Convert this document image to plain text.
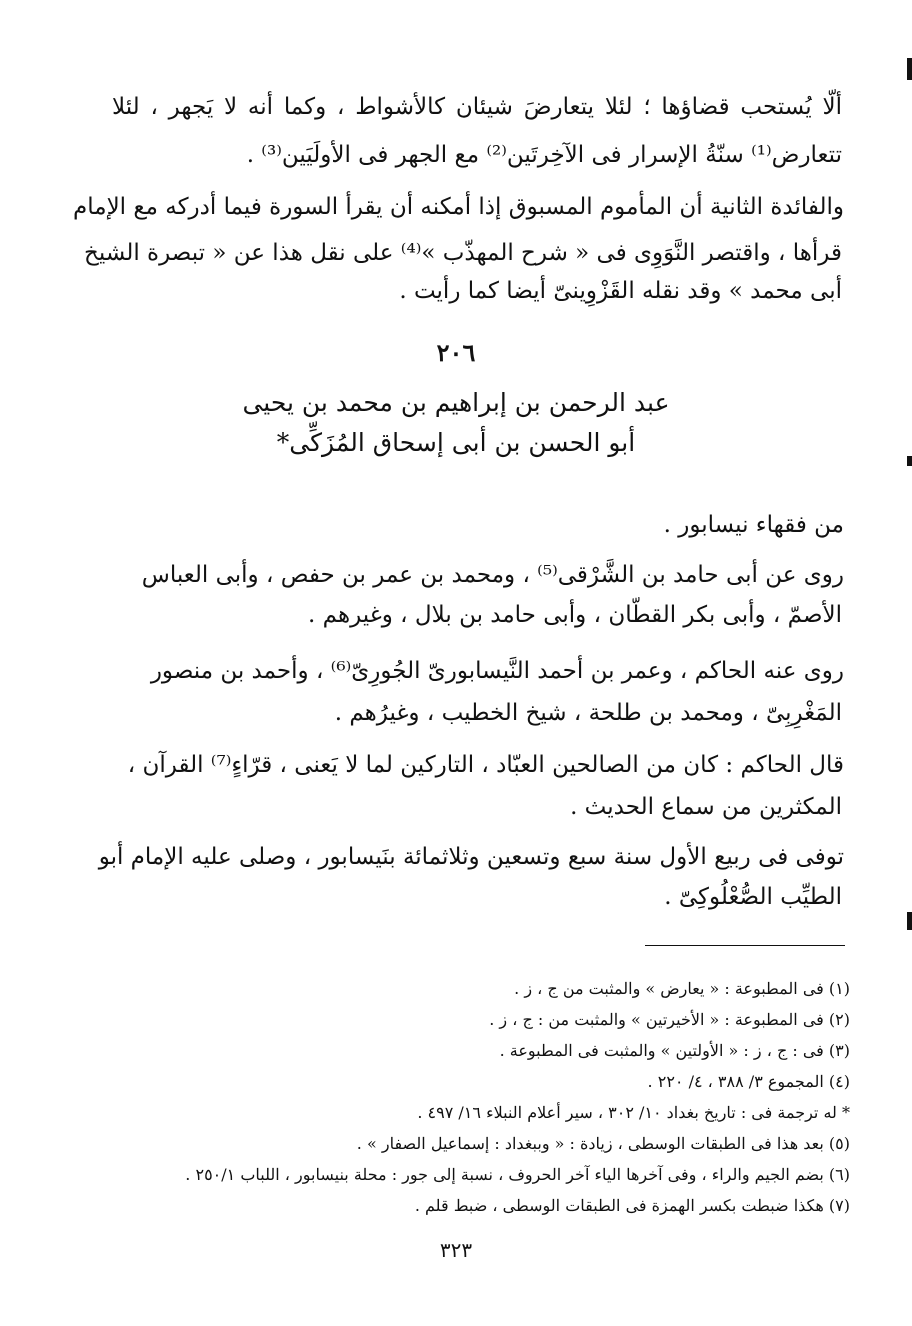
ألّا يُستحب قضاؤها ؛ لئلا يتعارضَ شيئان كالأشواط ، وكما أنه لا يَجهر ، لئلا
تتعارض⁽¹⁾ سنّةُ الإسرار فى الآخِرتَين⁽²⁾ مع الجهر فى الأولَيَين⁽³⁾ .
والفائدة الثانية أن المأموم المسبوق إذا أمكنه أن يقرأ السورة فيما أدركه مع الإمام
قرأها ، واقتصر النَّوَوِى فى « شرح المهذّب »⁽⁴⁾ على نقل هذا عن « تبصرة الشيخ
أبى محمد » وقد نقله القَزْوِينىّ أيضا كما رأيت .
٢٠٦
عبد الرحمن بن إبراهيم بن محمد بن يحيى
أبو الحسن بن أبى إسحاق المُزَكِّى*
من فقهاء نيسابور .
روى عن أبى حامد بن الشَّرْقى⁽⁵⁾ ، ومحمد بن عمر بن حفص ، وأبى العباس
الأصمّ ، وأبى بكر القطّان ، وأبى حامد بن بلال ، وغيرهم .
روى عنه الحاكم ، وعمر بن أحمد النَّيسابورىّ الجُورِىّ⁽⁶⁾ ، وأحمد بن منصور
المَغْرِبِىّ ، ومحمد بن طلحة ، شيخ الخطيب ، وغيرُهم .
قال الحاكم : كان من الصالحين العبّاد ، التاركين لما لا يَعنى ، قرّاءٍ⁽⁷⁾ القرآن ،
المكثرين من سماع الحديث .
توفى فى ربيع الأول سنة سبع وتسعين وثلاثمائة بنَيسابور ، وصلى عليه الإمام أبو
الطيِّب الصُّعْلُوكِىّ .
(١) فى المطبوعة : « يعارض » والمثبت من ج ، ز .
(٢) فى المطبوعة : « الأخيرتين » والمثبت من : ج ، ز .
(٣) فى : ج ، ز : « الأولتين » والمثبت فى المطبوعة .
(٤) المجموع ٣/ ٣٨٨ ، ٤/ ٢٢٠ .
* له ترجمة فى : تاريخ بغداد ١٠/ ٣٠٢ ، سير أعلام النبلاء ١٦/ ٤٩٧ .
(٥) بعد هذا فى الطبقات الوسطى ، زيادة : « وببغداد : إسماعيل الصفار » .
(٦) بضم الجيم والراء ، وفى آخرها الياء آخر الحروف ، نسبة إلى جور : محلة بنيسابور ، اللباب ٢٥٠/١ .
(٧) هكذا ضبطت بكسر الهمزة فى الطبقات الوسطى ، ضبط قلم .
٣٢٣
